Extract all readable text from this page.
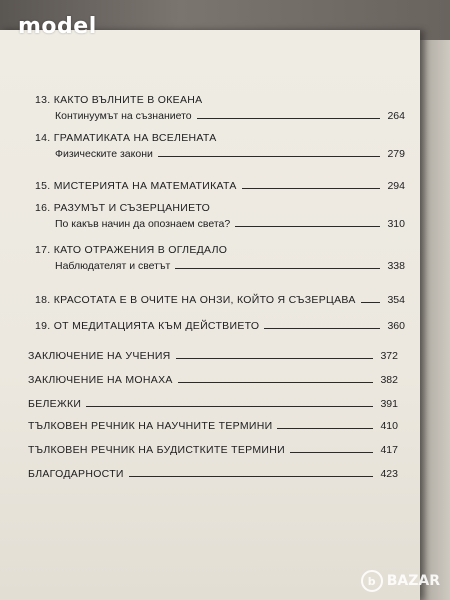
model
13. КАКТО ВЪЛНИТЕ В ОКЕАНА
Континуумът на съзнанието	264
14. ГРАМАТИКАТА НА ВСЕЛЕНАТА
Физическите закони	279
15. МИСТЕРИЯТА НА МАТЕМАТИКАТА	294
16. РАЗУМЪТ И СЪЗЕРЦАНИЕТО
По какъв начин да опознаем света?	310
17. КАТО ОТРАЖЕНИЯ В ОГЛЕДАЛО
Наблюдателят и светът	338
18. КРАСОТАТА Е В ОЧИТЕ НА ОНЗИ, КОЙТО Я СЪЗЕРЦАВА	354
19. ОТ МЕДИТАЦИЯТА КЪМ ДЕЙСТВИЕТО	360
ЗАКЛЮЧЕНИЕ НА УЧЕНИЯ	372
ЗАКЛЮЧЕНИЕ НА МОНАХА	382
БЕЛЕЖКИ	391
ТЪЛКОВЕН РЕЧНИК НА НАУЧНИТЕ ТЕРМИНИ	410
ТЪЛКОВЕН РЕЧНИК НА БУДИСТКИТЕ ТЕРМИНИ	417
БЛАГОДАРНОСТИ	423
b BAZAR
